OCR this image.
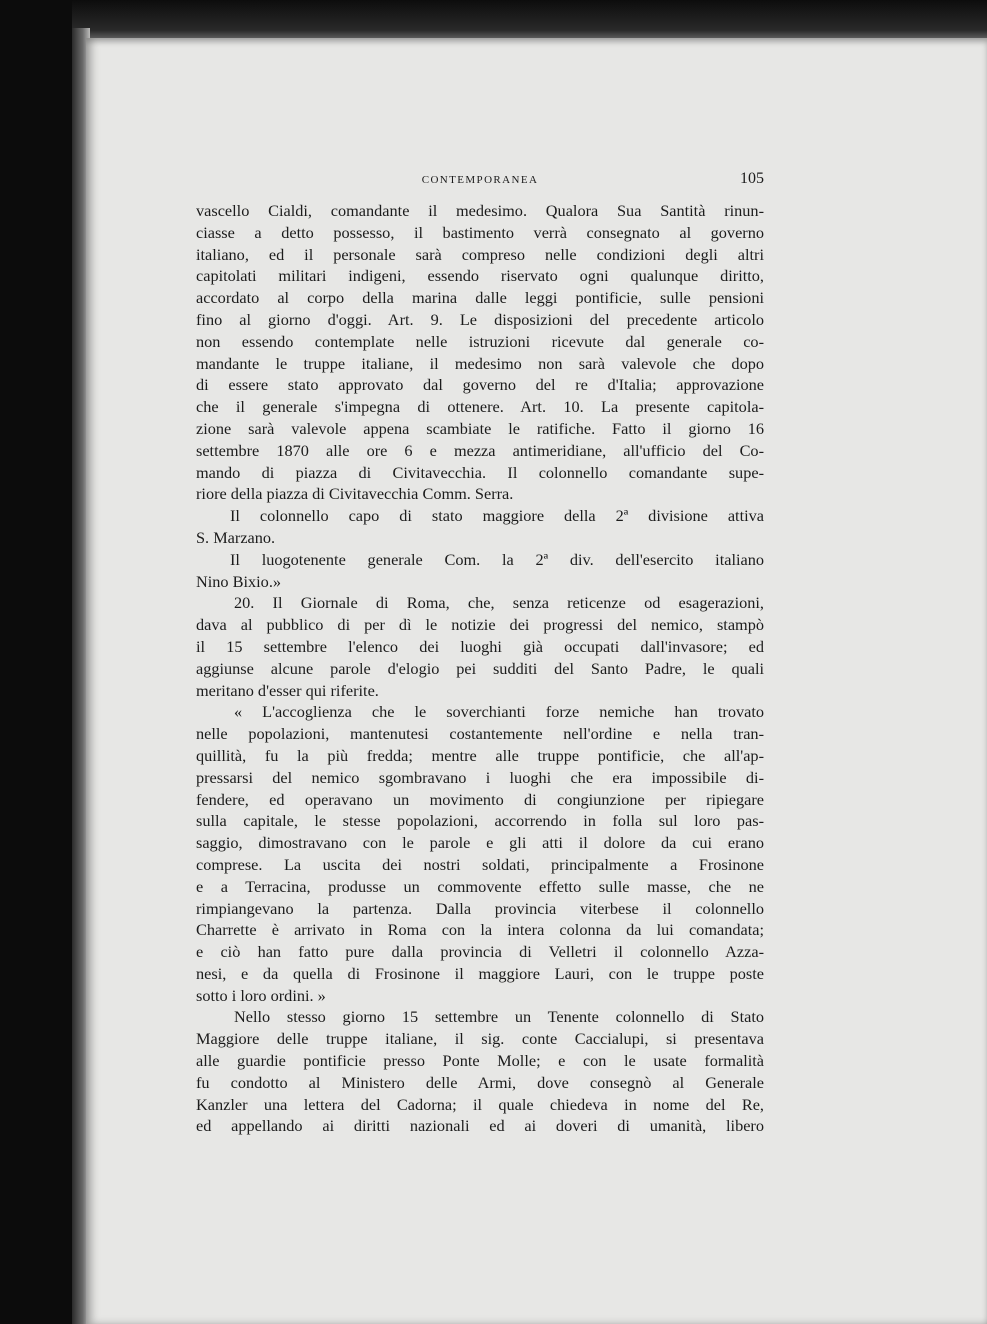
CONTEMPORANEA	105
vascello Cialdi, comandante il medesimo. Qualora Sua Santità rinun-
ciasse a detto possesso, il bastimento verrà consegnato al governo
italiano, ed il personale sarà compreso nelle condizioni degli altri
capitolati militari indigeni, essendo riservato ogni qualunque diritto,
accordato al corpo della marina dalle leggi pontificie, sulle pensioni
fino al giorno d'oggi. Art. 9. Le disposizioni del precedente articolo
non essendo contemplate nelle istruzioni ricevute dal generale co-
mandante le truppe italiane, il medesimo non sarà valevole che dopo
di essere stato approvato dal governo del re d'Italia; approvazione
che il generale s'impegna di ottenere. Art. 10. La presente capitola-
zione sarà valevole appena scambiate le ratifiche. Fatto il giorno 16
settembre 1870 alle ore 6 e mezza antimeridiane, all'ufficio del Co-
mando di piazza di Civitavecchia. Il colonnello comandante supe-
riore della piazza di Civitavecchia Comm. Serra.
Il colonnello capo di stato maggiore della 2ª divisione attiva
S. Marzano.
Il luogotenente generale Com. la 2ª div. dell'esercito italiano
Nino Bixio.»
20. Il Giornale di Roma, che, senza reticenze od esagerazioni,
dava al pubblico di per dì le notizie dei progressi del nemico, stampò
il 15 settembre l'elenco dei luoghi già occupati dall'invasore; ed
aggiunse alcune parole d'elogio pei sudditi del Santo Padre, le quali
meritano d'esser qui riferite.
« L'accoglienza che le soverchianti forze nemiche han trovato
nelle popolazioni, mantenutesi costantemente nell'ordine e nella tran-
quillità, fu la più fredda; mentre alle truppe pontificie, che all'ap-
pressarsi del nemico sgombravano i luoghi che era impossibile di-
fendere, ed operavano un movimento di congiunzione per ripiegare
sulla capitale, le stesse popolazioni, accorrendo in folla sul loro pas-
saggio, dimostravano con le parole e gli atti il dolore da cui erano
comprese. La uscita dei nostri soldati, principalmente a Frosinone
e a Terracina, produsse un commovente effetto sulle masse, che ne
rimpiangevano la partenza. Dalla provincia viterbese il colonnello
Charrette è arrivato in Roma con la intera colonna da lui comandata;
e ciò han fatto pure dalla provincia di Velletri il colonnello Azza-
nesi, e da quella di Frosinone il maggiore Lauri, con le truppe poste
sotto i loro ordini. »
Nello stesso giorno 15 settembre un Tenente colonnello di Stato
Maggiore delle truppe italiane, il sig. conte Caccialupi, si presentava
alle guardie pontificie presso Ponte Molle; e con le usate formalità
fu condotto al Ministero delle Armi, dove consegnò al Generale
Kanzler una lettera del Cadorna; il quale chiedeva in nome del Re,
ed appellando ai diritti nazionali ed ai doveri di umanità, libero
